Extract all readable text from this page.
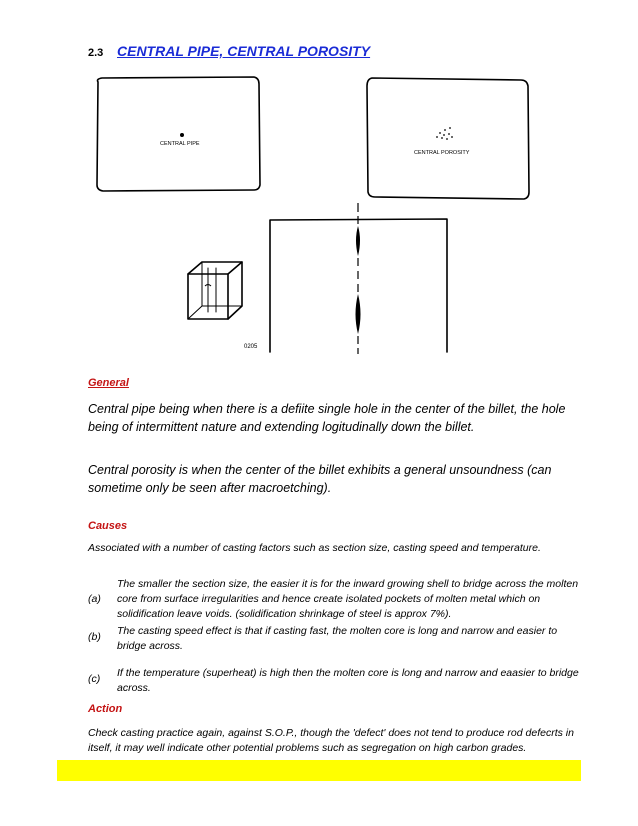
2.3 CENTRAL PIPE, CENTRAL POROSITY
CENTRAL PIPE
CENTRAL POROSITY
0205
General
Central pipe being when there is a defiite single hole in the center of the billet, the hole being of intermittent nature and extending logitudinally down the billet.
Central porosity is when the center of the billet exhibits a general unsoundness (can sometime only be seen after macroetching).
Causes
Associated with a number of casting factors such as section size, casting speed and temperature.
(a)
The smaller the section size, the easier it is for the inward growing shell to bridge across the molten core from surface irregularities and hence create isolated pockets of molten metal which on solidification leave voids. (solidification shrinkage of steel is approx 7%).
(b) The casting speed effect is that if casting fast, the molten core is long and narrow and easier to bridge across.
(c) If the temperature (superheat) is high then the molten core is long and narrow and eaasier to bridge across.
Action
Check casting practice again, against S.O.P., though the 'defect' does not tend to produce rod defecrts in itself, it may well indicate other potential problems such as segregation on high carbon grades.
